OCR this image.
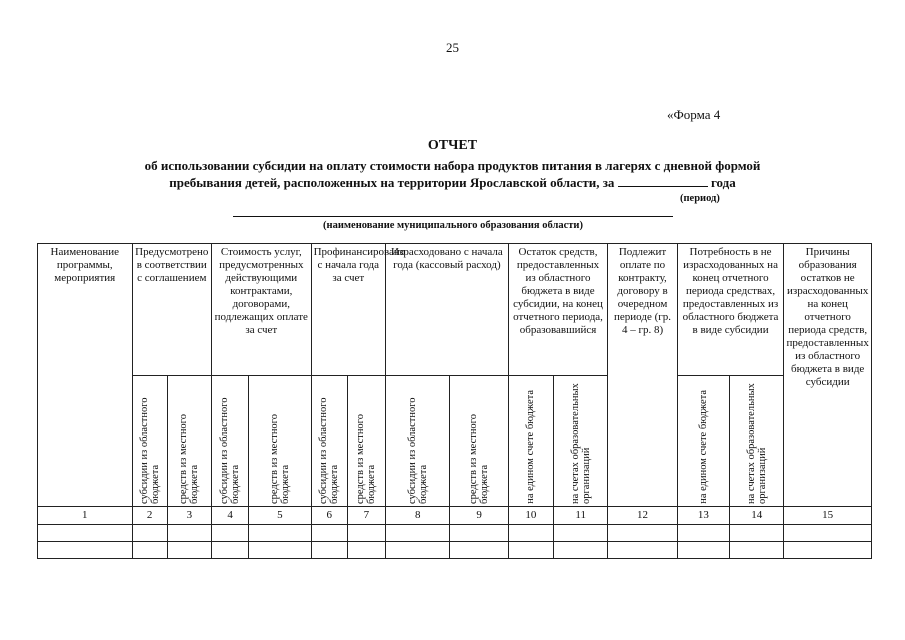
25
«Форма 4
ОТЧЕТ
об использовании субсидии на оплату стоимости набора продуктов питания в лагерях с дневной формой
пребывания детей, расположенных на территории Ярославской области, за	года
(период)
(наименование муниципального образования области)
Наименование программы, мероприятия	Предусмотрено в соответствии с соглашением		Стоимость услуг, предусмотренных действующими контрактами, договорами, подлежащих оплате за счет		Профинансировано с начала года за счет		Израсходовано с начала года (кассовый расход)		Остаток средств, предоставленных из областного бюджета в виде субсидии, на конец отчетного периода, образовавшийся		Подлежит оплате по контракту, договору в очередном периоде (гр. 4 – гр. 8)	Потребность в не израсходованных на конец отчетного периода средствах, предоставленных из областного бюджета в виде субсидии		Причины образования остатков не израсходованных на конец отчетного периода средств, предоставленных из областного бюджета в виде субсидии

	субсидии из областного бюджета	средств из местного бюджета	субсидии из областного бюджета	средств из местного бюджета	субсидии из областного бюджета	средств из местного бюджета	субсидии из областного бюджета	средств из местного бюджета	на едином счете бюджета	на счетах образовательных организаций		на едином счете бюджета	на счетах образовательных организаций	

1	2	3	4	5	6	7	8	9	10	11	12	13	14	15
